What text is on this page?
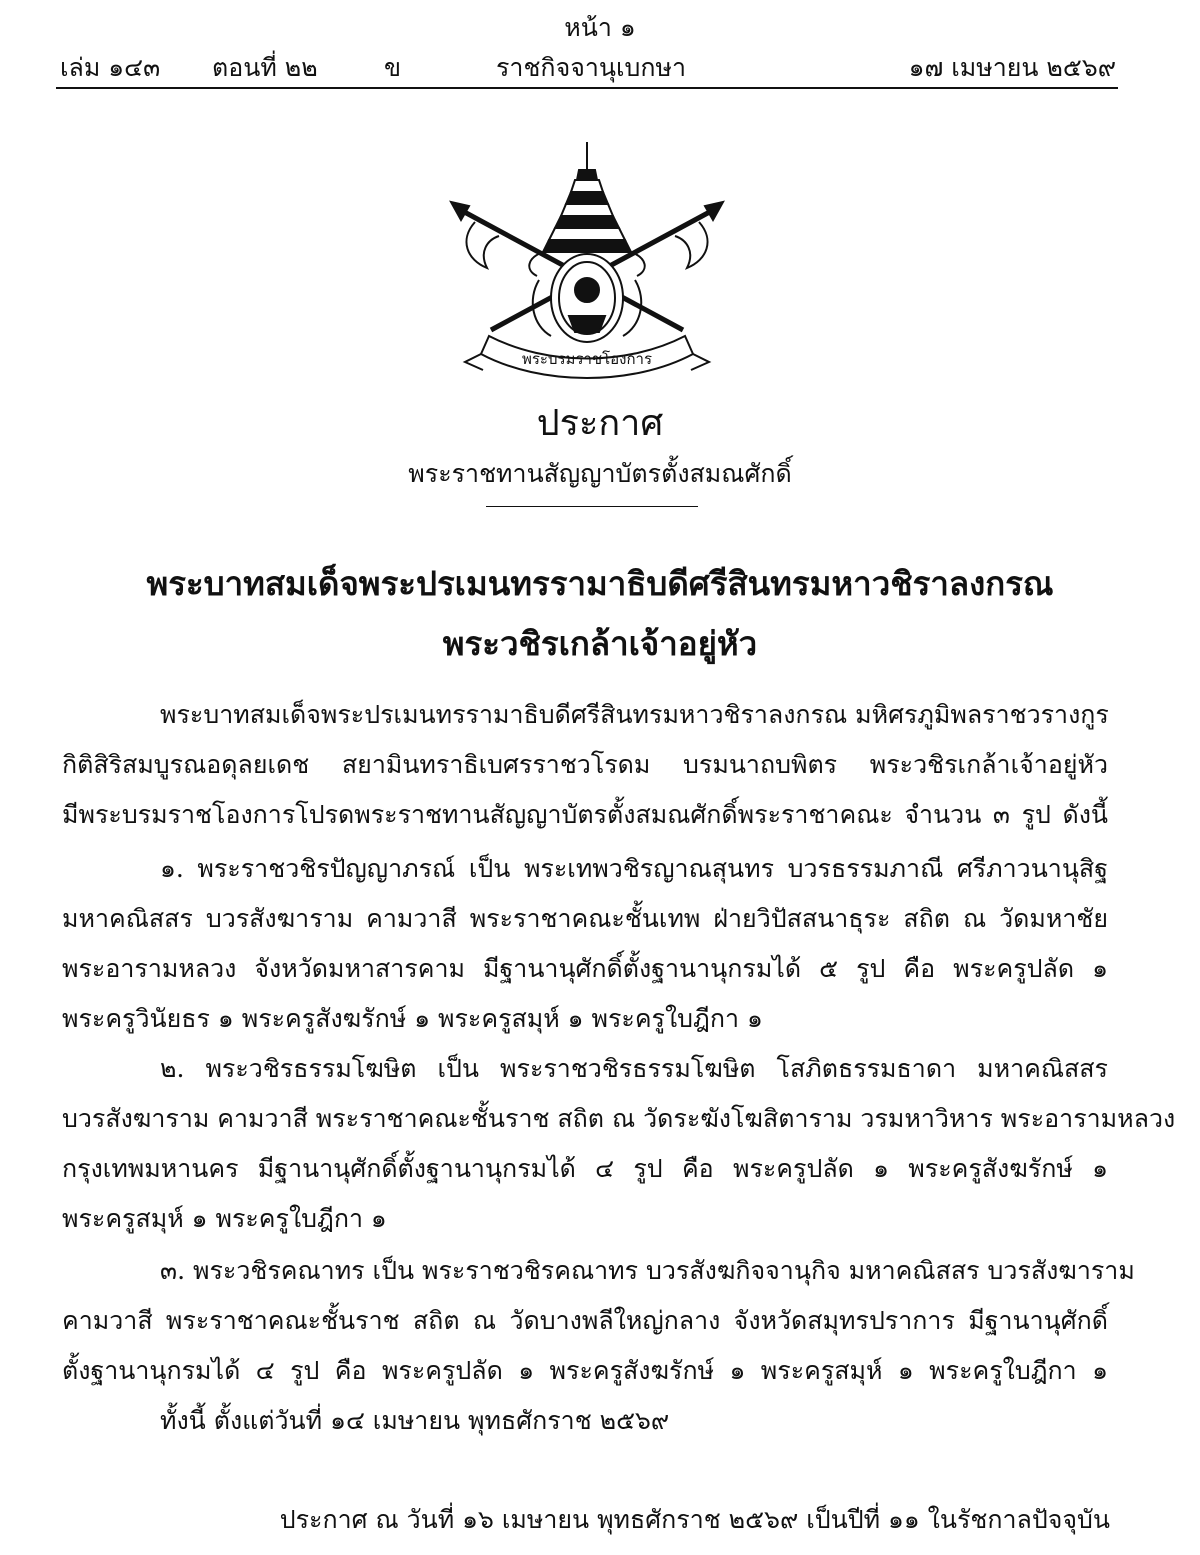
หน้า ๑
เล่ม ๑๔๓ ตอนที่ ๒๒	ข	ราชกิจจานุเบกษา	๑๗ เมษายน ๒๕๖๙
พระบรมราชโองการ
ประกาศ
พระราชทานสัญญาบัตรตั้งสมณศักดิ์
พระบาทสมเด็จพระปรเมนทรรามาธิบดีศรีสินทรมหาวชิราลงกรณ
พระวชิรเกล้าเจ้าอยู่หัว
พระบาทสมเด็จพระปรเมนทรรามาธิบดีศรีสินทรมหาวชิราลงกรณ มหิศรภูมิพลราชวรางกูร
กิติสิริสมบูรณอดุลยเดช สยามินทราธิเบศรราชวโรดม บรมนาถบพิตร พระวชิรเกล้าเจ้าอยู่หัว
มีพระบรมราชโองการโปรดพระราชทานสัญญาบัตรตั้งสมณศักดิ์พระราชาคณะ จำนวน ๓ รูป ดังนี้
๑. พระราชวชิรปัญญาภรณ์ เป็น พระเทพวชิรญาณสุนทร บวรธรรมภาณี ศรีภาวนานุสิฐ
มหาคณิสสร บวรสังฆาราม คามวาสี พระราชาคณะชั้นเทพ ฝ่ายวิปัสสนาธุระ สถิต ณ วัดมหาชัย
พระอารามหลวง จังหวัดมหาสารคาม มีฐานานุศักดิ์ตั้งฐานานุกรมได้ ๕ รูป คือ พระครูปลัด ๑
พระครูวินัยธร ๑ พระครูสังฆรักษ์ ๑ พระครูสมุห์ ๑ พระครูใบฎีกา ๑
๒. พระวชิรธรรมโฆษิต เป็น พระราชวชิรธรรมโฆษิต โสภิตธรรมธาดา มหาคณิสสร
บวรสังฆาราม คามวาสี พระราชาคณะชั้นราช สถิต ณ วัดระฆังโฆสิตาราม วรมหาวิหาร พระอารามหลวง
กรุงเทพมหานคร มีฐานานุศักดิ์ตั้งฐานานุกรมได้ ๔ รูป คือ พระครูปลัด ๑ พระครูสังฆรักษ์ ๑
พระครูสมุห์ ๑ พระครูใบฎีกา ๑
๓. พระวชิรคณาทร เป็น พระราชวชิรคณาทร บวรสังฆกิจจานุกิจ มหาคณิสสร บวรสังฆาราม
คามวาสี พระราชาคณะชั้นราช สถิต ณ วัดบางพลีใหญ่กลาง จังหวัดสมุทรปราการ มีฐานานุศักดิ์
ตั้งฐานานุกรมได้ ๔ รูป คือ พระครูปลัด ๑ พระครูสังฆรักษ์ ๑ พระครูสมุห์ ๑ พระครูใบฎีกา ๑
ทั้งนี้ ตั้งแต่วันที่ ๑๔ เมษายน พุทธศักราช ๒๕๖๙
ประกาศ ณ วันที่ ๑๖ เมษายน พุทธศักราช ๒๕๖๙ เป็นปีที่ ๑๑ ในรัชกาลปัจจุบัน
